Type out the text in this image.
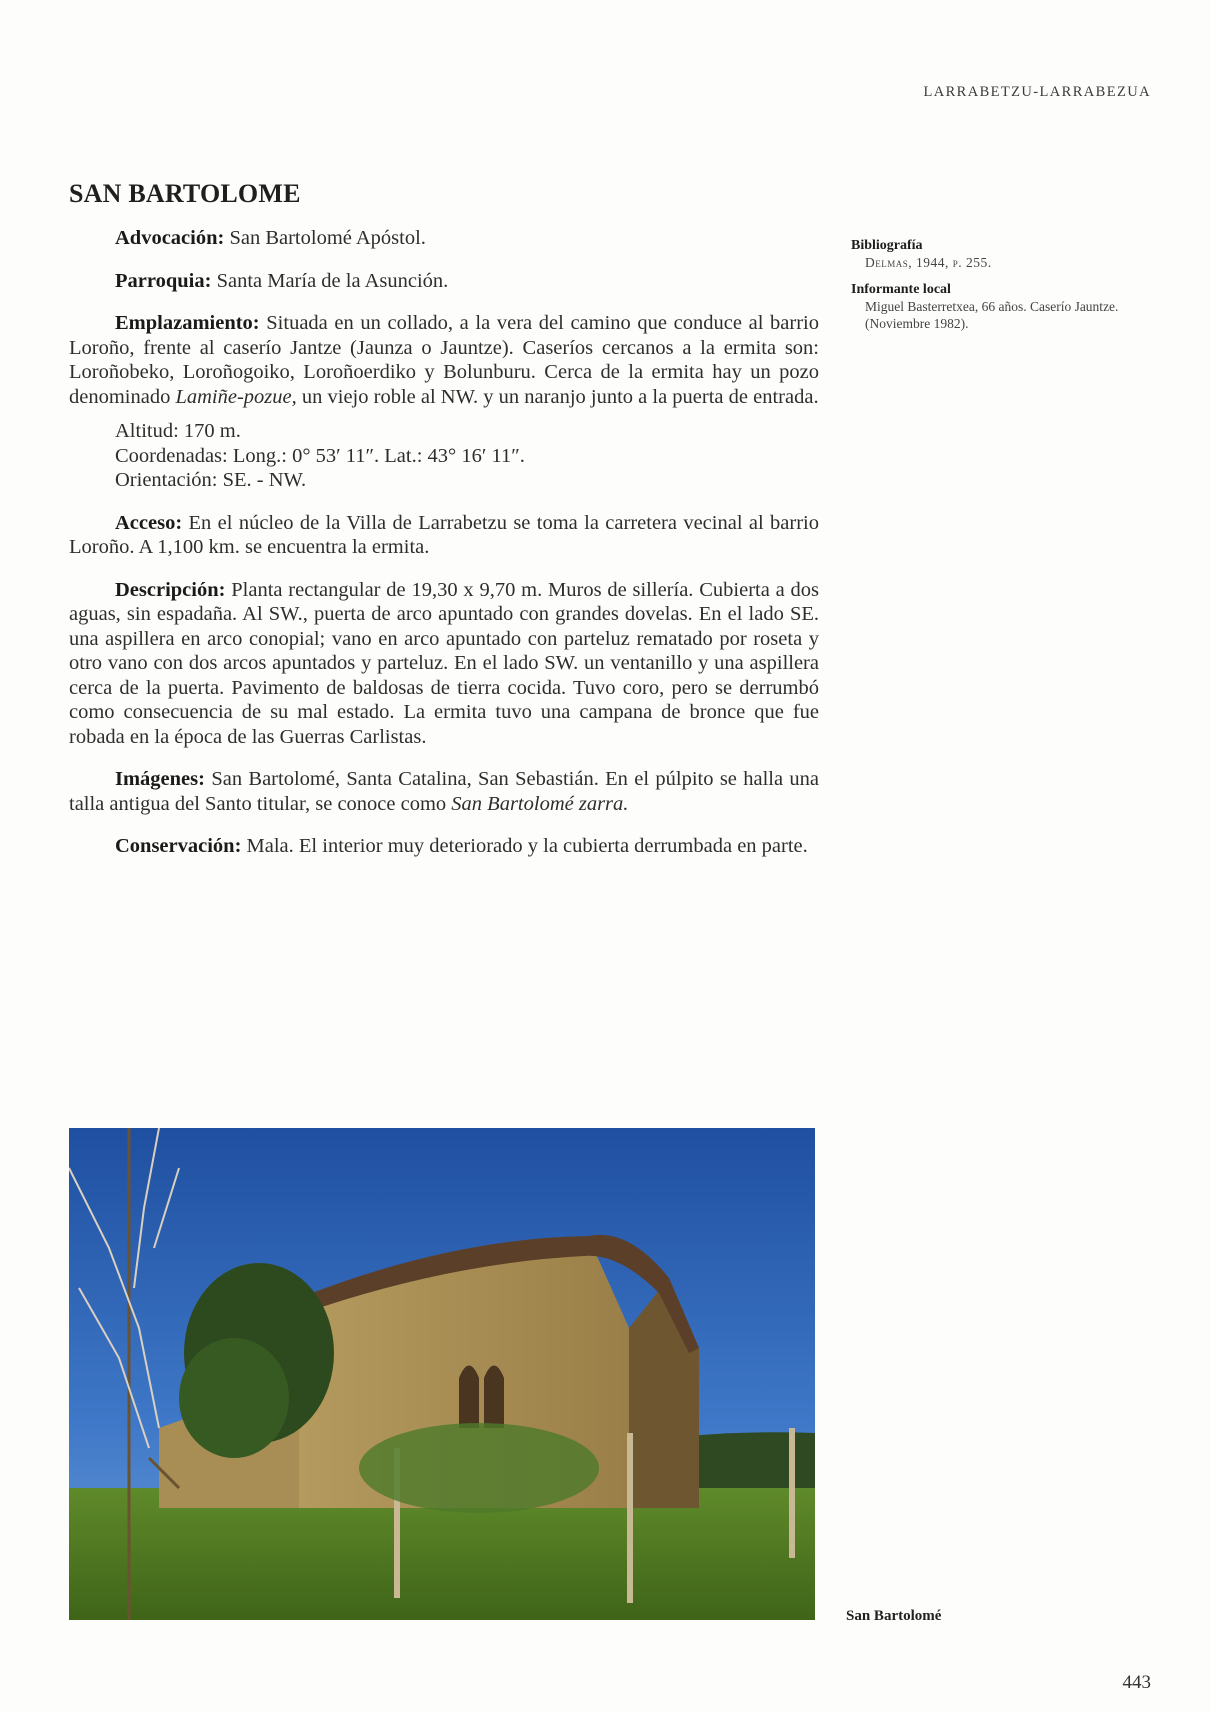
LARRABETZU-LARRABEZUA
SAN BARTOLOME

Advocación: San Bartolomé Apóstol.

Parroquia: Santa María de la Asunción.

Emplazamiento: Situada en un collado, a la vera del camino que conduce al barrio Loroño, frente al caserío Jantze (Jaunza o Jauntze). Caseríos cercanos a la ermita son: Loroñobeko, Loroñogoiko, Loroñoerdiko y Bolunburu. Cerca de la ermita hay un pozo denominado Lamiñe-pozue, un viejo roble al NW. y un naranjo junto a la puerta de entrada.

Altitud: 170 m.
Coordenadas: Long.: 0° 53′ 11″. Lat.: 43° 16′ 11″.
Orientación: SE. - NW.

Acceso: En el núcleo de la Villa de Larrabetzu se toma la carretera vecinal al barrio Loroño. A 1,100 km. se encuentra la ermita.

Descripción: Planta rectangular de 19,30 x 9,70 m. Muros de sillería. Cubierta a dos aguas, sin espadaña. Al SW., puerta de arco apuntado con grandes dovelas. En el lado SE. una aspillera en arco conopial; vano en arco apuntado con parteluz rematado por roseta y otro vano con dos arcos apuntados y parteluz. En el lado SW. un ventanillo y una aspillera cerca de la puerta. Pavimento de baldosas de tierra cocida. Tuvo coro, pero se derrumbó como consecuencia de su mal estado. La ermita tuvo una campana de bronce que fue robada en la época de las Guerras Carlistas.

Imágenes: San Bartolomé, Santa Catalina, San Sebastián. En el púlpito se halla una talla antigua del Santo titular, se conoce como San Bartolomé zarra.

Conservación: Mala. El interior muy deteriorado y la cubierta derrumbada en parte.

Bibliografía
Delmas, 1944, p. 255.
Informante local
Miguel Basterretxea, 66 años. Caserío Jauntze. (Noviembre 1982).
San Bartolomé
443
